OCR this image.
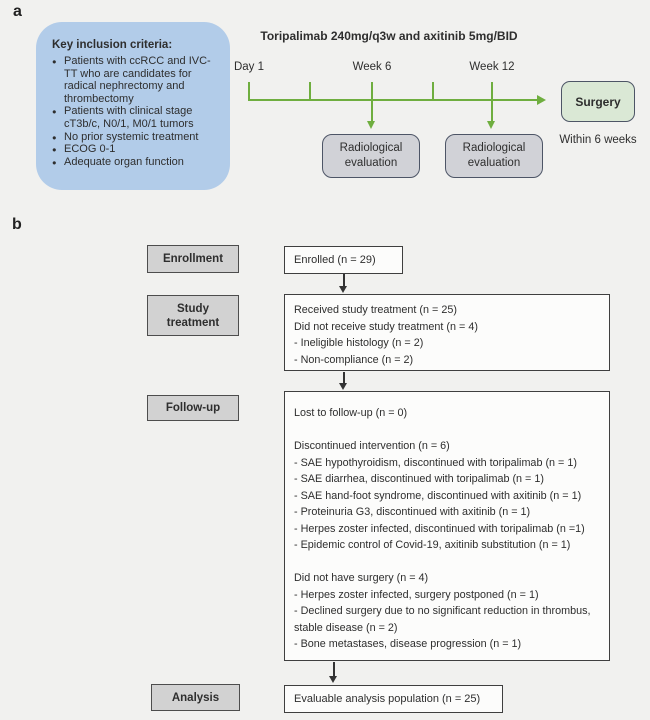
a
Key inclusion criteria:
● Patients with ccRCC and IVC-TT who are candidates for radical nephrectomy and thrombectomy
● Patients with clinical stage cT3b/c, N0/1, M0/1 tumors
● No prior systemic treatment
● ECOG 0-1
● Adequate organ function
Toripalimab 240mg/q3w and axitinib 5mg/BID
Day 1	Week 6	Week 12
Radiological evaluation
Radiological evaluation
Surgery
Within 6 weeks
b
Enrollment
Study treatment
Follow-up
Analysis
Enrolled (n = 29)
Received study treatment (n = 25)
Did not receive study treatment (n = 4)
- Ineligible histology (n = 2)
- Non-compliance (n = 2)
Lost to follow-up (n = 0)
Discontinued intervention (n = 6)
- SAE hypothyroidism, discontinued with toripalimab (n = 1)
- SAE diarrhea, discontinued with toripalimab (n = 1)
- SAE hand-foot syndrome, discontinued with axitinib (n = 1)
- Proteinuria G3, discontinued with axitinib (n = 1)
- Herpes zoster infected, discontinued with toripalimab (n =1)
- Epidemic control of Covid-19, axitinib substitution (n = 1)
Did not have surgery (n = 4)
- Herpes zoster infected, surgery postponed (n = 1)
- Declined surgery due to no significant reduction in thrombus,
stable disease (n = 2)
- Bone metastases, disease progression (n = 1)
Evaluable analysis population (n = 25)
